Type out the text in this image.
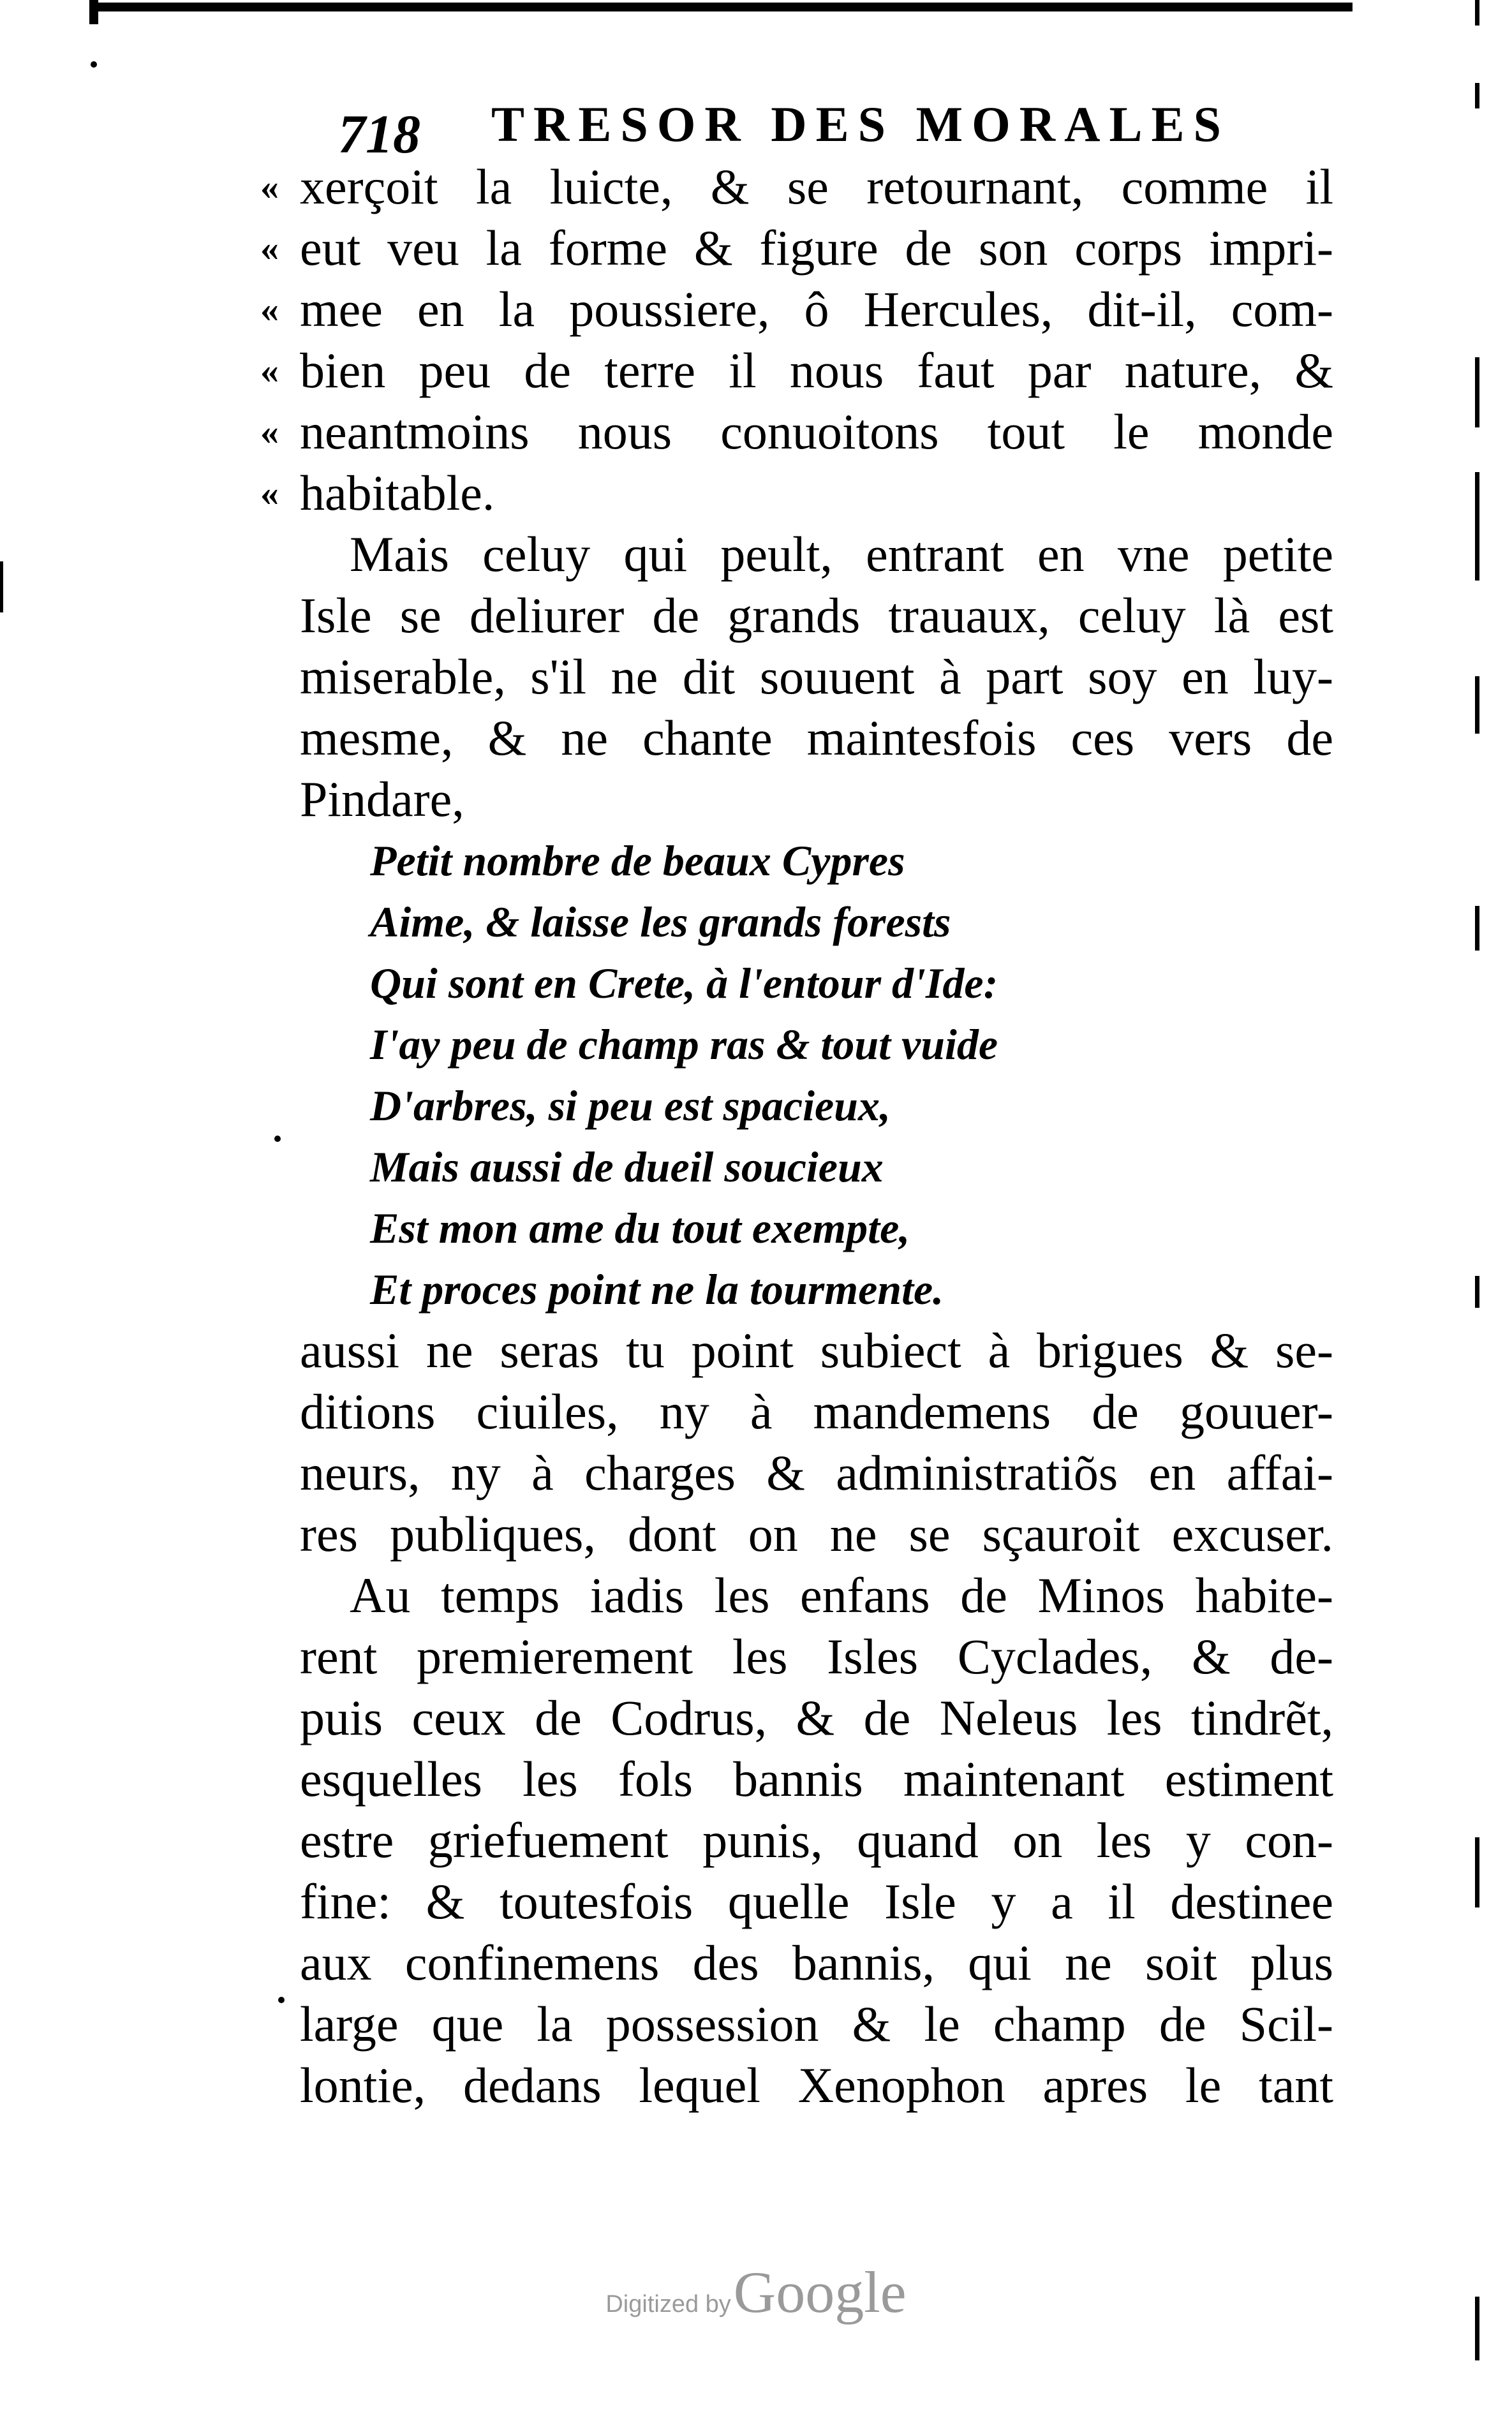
718 TRESOR DES MORALES
« xerçoit la luicte, & se retournant, comme il
« eut veu la forme & figure de son corps impri-
« mee en la poussiere, ô Hercules, dit-il, com-
« bien peu de terre il nous faut par nature, &
« neantmoins nous conuoitons tout le monde
« habitable.
Mais celuy qui peult, entrant en vne petite
Isle se deliurer de grands trauaux, celuy là est
miserable, s'il ne dit souuent à part soy en luy-
mesme, & ne chante maintesfois ces vers de
Pindare,
Petit nombre de beaux Cypres
Aime, & laisse les grands forests
Qui sont en Crete, à l'entour d'Ide:
I'ay peu de champ ras & tout vuide
D'arbres, si peu est spacieux,
Mais aussi de dueil soucieux
Est mon ame du tout exempte,
Et proces point ne la tourmente.
aussi ne seras tu point subiect à brigues & se-
ditions ciuiles, ny à mandemens de gouuer-
neurs, ny à charges & administratiõs en affai-
res publiques, dont on ne se sçauroit excuser.
Au temps iadis les enfans de Minos habite-
rent premierement les Isles Cyclades, & de-
puis ceux de Codrus, & de Neleus les tindrẽt,
esquelles les fols bannis maintenant estiment
estre griefuement punis, quand on les y con-
fine: & toutesfois quelle Isle y a il destinee
aux confinemens des bannis, qui ne soit plus
large que la possession & le champ de Scil-
lontie, dedans lequel Xenophon apres le tant
Digitized by Google
